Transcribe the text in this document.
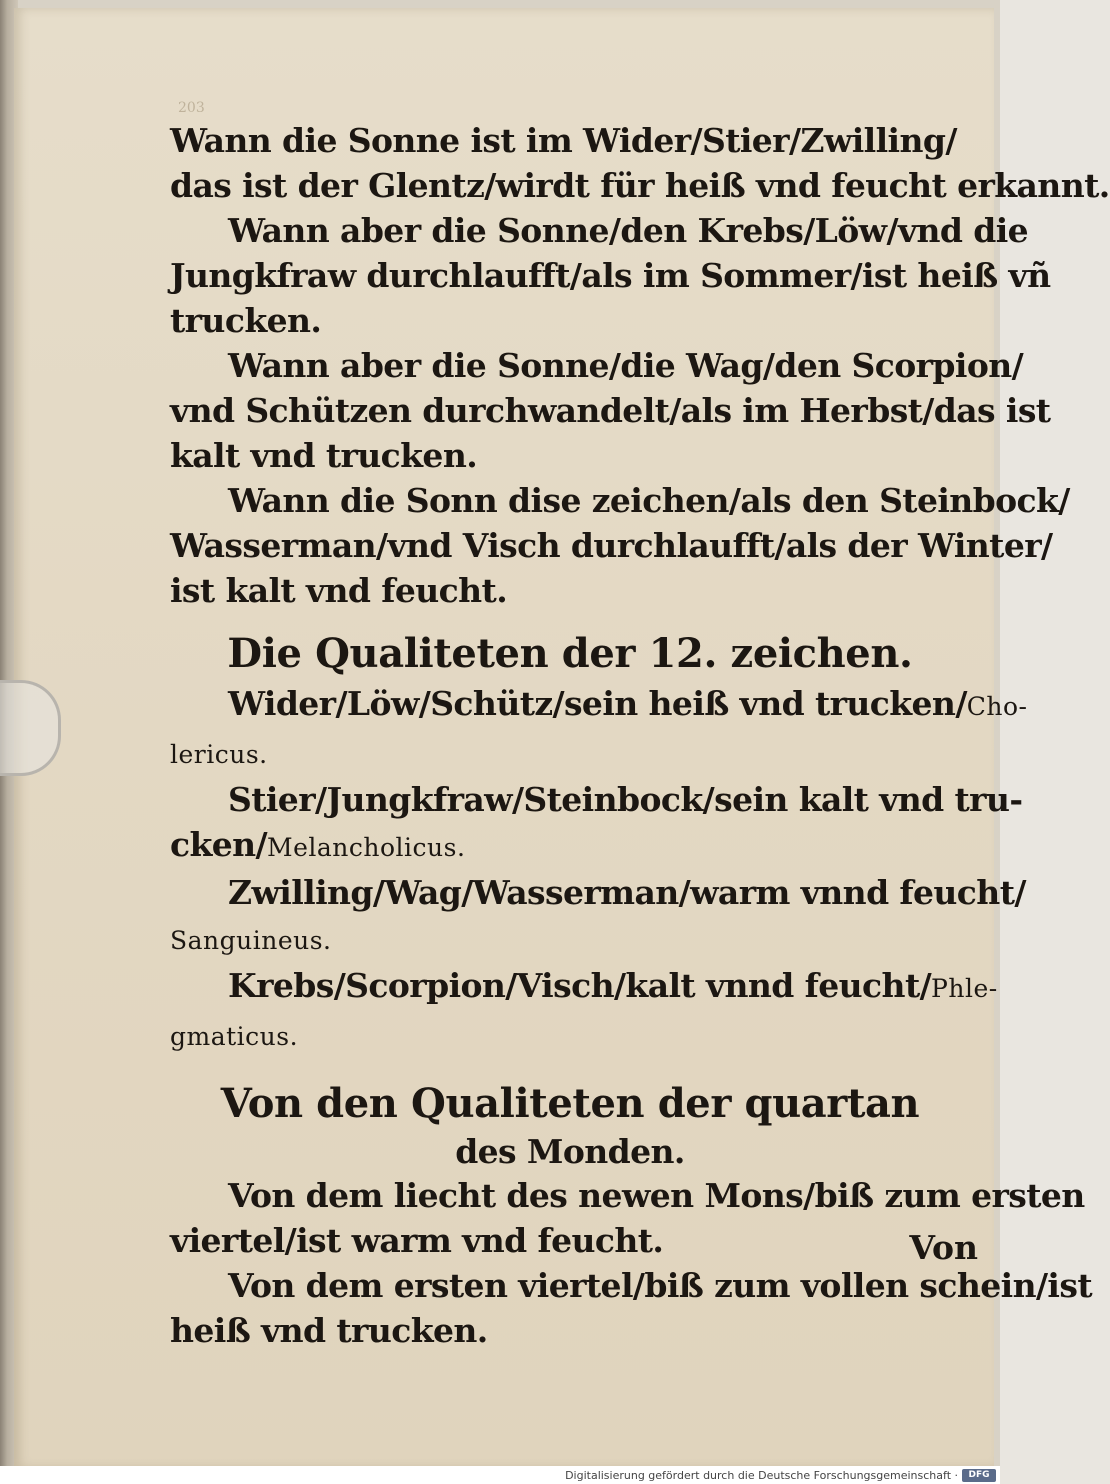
203
Wann die Sonne ist im Wider/Stier/Zwilling/
das ist der Glentz/wirdt für heiß vnd feucht erkannt.
Wann aber die Sonne/den Krebs/Löw/vnd die
Jungkfraw durchlaufft/als im Sommer/ist heiß vñ
trucken.
Wann aber die Sonne/die Wag/den Scorpion/
vnd Schützen durchwandelt/als im Herbst/das ist
kalt vnd trucken.
Wann die Sonn dise zeichen/als den Steinbock/
Wasserman/vnd Visch durchlaufft/als der Winter/
ist kalt vnd feucht.
Die Qualiteten der 12. zeichen.
Wider/Löw/Schütz/sein heiß vnd trucken/Cho-
lericus.
Stier/Jungkfraw/Steinbock/sein kalt vnd tru-
cken/Melancholicus.
Zwilling/Wag/Wasserman/warm vnnd feucht/
Sanguineus.
Krebs/Scorpion/Visch/kalt vnnd feucht/Phle-
gmaticus.
Von den Qualiteten der quartan
des Monden.
Von dem liecht des newen Mons/biß zum ersten
viertel/ist warm vnd feucht.
Von dem ersten viertel/biß zum vollen schein/ist
heiß vnd trucken.
Von
Digitalisierung gefördert durch die Deutsche Forschungsgemeinschaft ·	DFG
